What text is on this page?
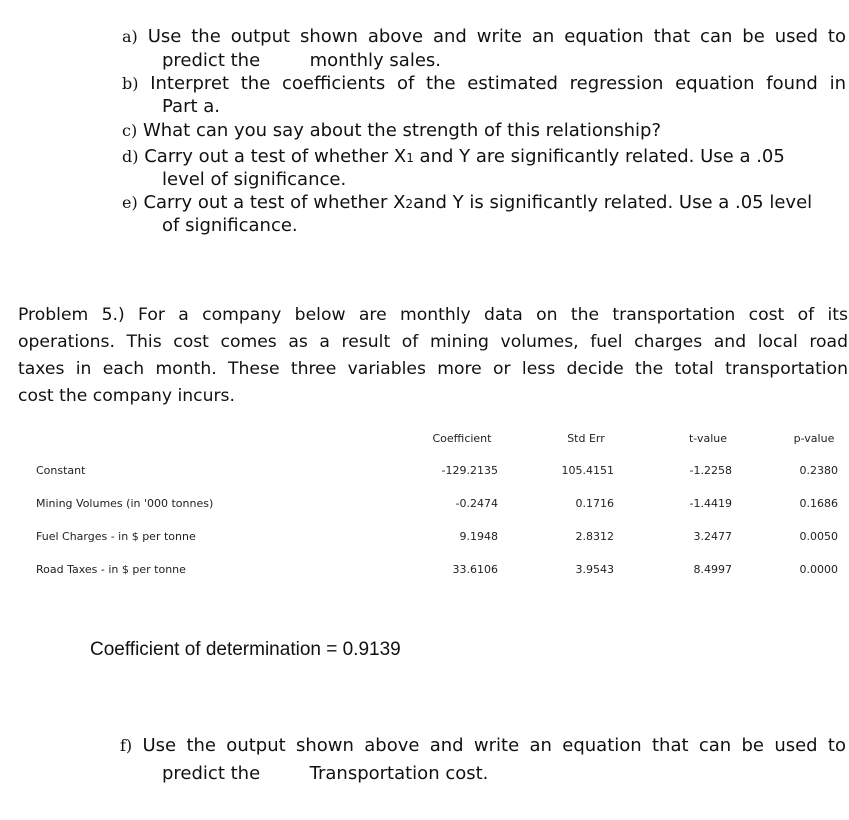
a) Use the output shown above and write an equation that can be used to
predict the	monthly sales.
b) Interpret the coefficients of the estimated regression equation found in
Part a.
c) What can you say about the strength of this relationship?
d) Carry out a test of whether X1 and Y are significantly related. Use a .05
level of significance.
e) Carry out a test of whether X2and Y is significantly related. Use a .05 level
of significance.
Problem 5.) For a company below are monthly data on the transportation cost of its
operations. This cost comes as a result of mining volumes, fuel charges and local road
taxes in each month. These three variables more or less decide the total transportation
cost the company incurs.
Coefficient	Std Err	t-value	p-value
Constant	-129.2135	105.4151	-1.2258	0.2380
Mining Volumes (in '000 tonnes)	-0.2474	0.1716	-1.4419	0.1686
Fuel Charges - in $ per tonne	9.1948	2.8312	3.2477	0.0050
Road Taxes - in $ per tonne	33.6106	3.9543	8.4997	0.0000
Coefficient of determination = 0.9139
f) Use the output shown above and write an equation that can be used to
predict the	Transportation cost.
